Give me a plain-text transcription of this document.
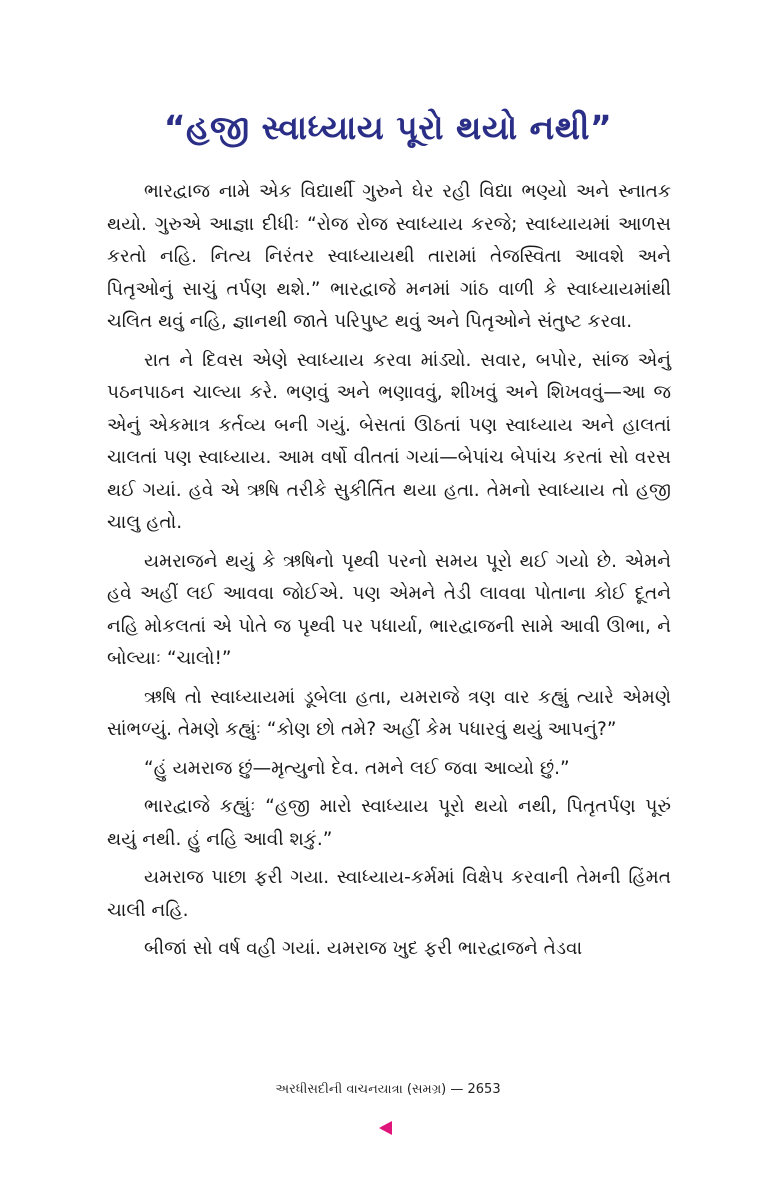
“હજી સ્વાધ્યાય પૂરો થયો નથી”

ભારદ્વાજ નામે એક વિદ્યાર્થી ગુરુને ઘેર રહી વિદ્યા ભણ્યો અને સ્નાતક થયો. ગુરુએ આજ્ઞા દીધીઃ “રોજ રોજ સ્વાધ્યાય કરજે; સ્વાધ્યાયમાં આળસ કરતો નહિ. નિત્ય નિરંતર સ્વાધ્યાયથી તારામાં તેજસ્વિતા આવશે અને પિતૃઓનું સાચું તર્પણ થશે.” ભારદ્વાજે મનમાં ગાંઠ વાળી કે સ્વાધ્યાયમાંથી ચલિત થવું નહિ, જ્ઞાનથી જાતે પરિપુષ્ટ થવું અને પિતૃઓને સંતુષ્ટ કરવા.

રાત ને દિવસ એણે સ્વાધ્યાય કરવા માંડ્યો. સવાર, બપોર, સાંજ એનું પઠનપાઠન ચાલ્યા કરે. ભણવું અને ભણાવવું, શીખવું અને શિખવવું—આ જ એનું એકમાત્ર કર્તવ્ય બની ગયું. બેસતાં ઊઠતાં પણ સ્વાધ્યાય અને હાલતાં ચાલતાં પણ સ્વાધ્યાય. આમ વર્ષો વીતતાં ગયાં—બેપાંચ બેપાંચ કરતાં સો વરસ થઈ ગયાં. હવે એ ઋષિ તરીકે સુકીર્તિત થયા હતા. તેમનો સ્વાધ્યાય તો હજી ચાલુ હતો.

યમરાજને થયું કે ઋષિનો પૃથ્વી પરનો સમય પૂરો થઈ ગયો છે. એમને હવે અહીં લઈ આવવા જોઈએ. પણ એમને તેડી લાવવા પોતાના કોઈ દૂતને નહિ મોકલતાં એ પોતે જ પૃથ્વી પર પધાર્યા, ભારદ્વાજની સામે આવી ઊભા, ને બોલ્યાઃ “ચાલો!”

ઋષિ તો સ્વાધ્યાયમાં ડૂબેલા હતા, યમરાજે ત્રણ વાર કહ્યું ત્યારે એમણે સાંભળ્યું. તેમણે કહ્યુંઃ “કોણ છો તમે? અહીં કેમ પધારવું થયું આપનું?”

“હું યમરાજ છું—મૃત્યુનો દેવ. તમને લઈ જવા આવ્યો છું.”

ભારદ્વાજે કહ્યુંઃ “હજી મારો સ્વાધ્યાય પૂરો થયો નથી, પિતૃતર્પણ પૂરું થયું નથી. હું નહિ આવી શકું.”

યમરાજ પાછા ફરી ગયા. સ્વાધ્યાય-કર્મમાં વિક્ષેપ કરવાની તેમની હિંમત ચાલી નહિ.

બીજાં સો વર્ષ વહી ગયાં. યમરાજ ખુદ ફરી ભારદ્વાજને તેડવા

અરધીસદીની વાચનયાત્રા (સમગ્ર) — 2653
